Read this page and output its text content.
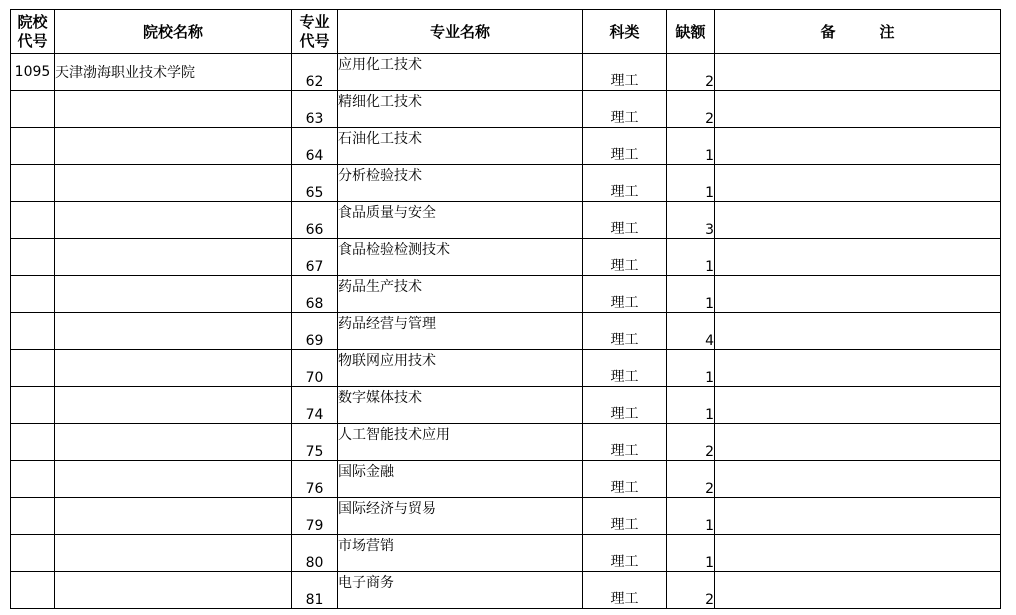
院校
代号	院校名称	专业
代号	专业名称	科类	缺额	备 注
1095	天津渤海职业技术学院	62	应用化工技术	理工	2	
		63	精细化工技术	理工	2	
		64	石油化工技术	理工	1	
		65	分析检验技术	理工	1	
		66	食品质量与安全	理工	3	
		67	食品检验检测技术	理工	1	
		68	药品生产技术	理工	1	
		69	药品经营与管理	理工	4	
		70	物联网应用技术	理工	1	
		74	数字媒体技术	理工	1	
		75	人工智能技术应用	理工	2	
		76	国际金融	理工	2	
		79	国际经济与贸易	理工	1	
		80	市场营销	理工	1	
		81	电子商务	理工	2	
